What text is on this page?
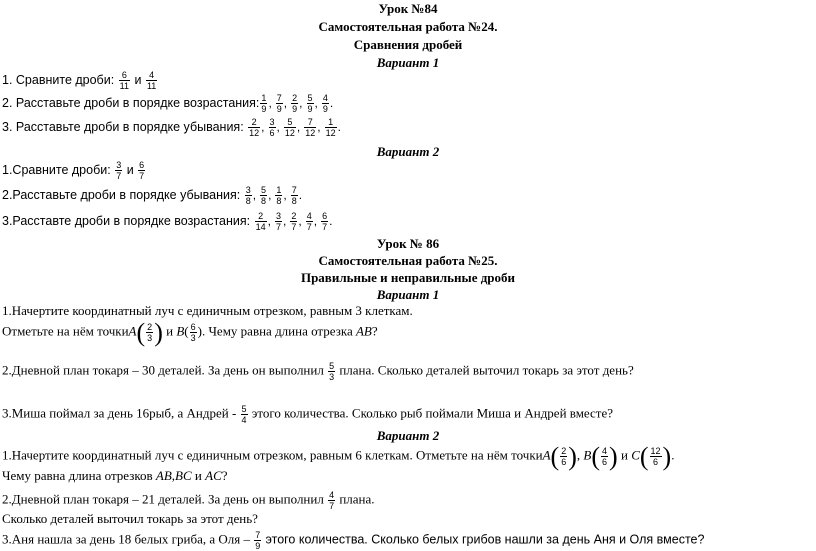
Урок №84

Самостоятельная работа №24.

Сравнения дробей

Вариант 1

1. Сравните дроби: $\frac{6}{11}$ и $\frac{4}{11}$
2. Расставьте дроби в порядке возрастания: $\frac{1}{9}$ , $\frac{7}{9}$ , $\frac{2}{9}$ , $\frac{5}{9}$ , $\frac{4}{9}$ .
3. Расставьте дроби в порядке убывания: $\frac{2}{12}$ , $\frac{3}{6}$ , $\frac{5}{12}$ , $\frac{7}{12}$ , $\frac{1}{12}$ .

Вариант 2

1.Сравните дроби: $\frac{3}{7}$ и $\frac{6}{7}$
2.Расставьте дроби в порядке убывания: $\frac{3}{8}$ , $\frac{5}{8}$ , $\frac{1}{8}$ , $\frac{7}{8}$ .
3.Расставте дроби в порядке возрастания: $\frac{2}{14}$ , $\frac{3}{7}$ , $\frac{2}{7}$ , $\frac{4}{7}$ , $\frac{6}{7}$ .

Урок № 86

Самостоятельная работа №25.

Правильные и неправильные дроби

Вариант 1

1.Начертите координатный луч с единичным отрезком, равным 3 клеткам.
Отметьте на нём точкиA( $\frac{2}{3}$ ) и $B( \frac{6}{3}$ ). Чему равна длина отрезка AB?
2.Дневной план токаря – 30 деталей. За день он выполнил $\frac{5}{3}$ плана. Сколько деталей выточил токарь за этот день?
3.Миша поймал за день 16рыб, а Андрей - $\frac{5}{4}$ этого количества. Сколько рыб поймали Миша и Андрей вместе?

Вариант 2

1.Начертите координатный луч с единичным отрезком, равным 6 клеткам. Отметьте на нём точкиA( $\frac{2}{6}$ ), $B( \frac{4}{6}$ ) и $C( \frac{12}{6}$ ).
Чему равна длина отрезков AB,BC и AC?
2.Дневной план токаря – 21 деталей. За день он выполнил $\frac{4}{7}$ плана.
Сколько деталей выточил токарь за этот день?
3.Аня нашла за день 18 белых гриба, а Оля – $\frac{7}{9}$ этого количества. Сколько белых грибов нашли за день Аня и Оля вместе?
